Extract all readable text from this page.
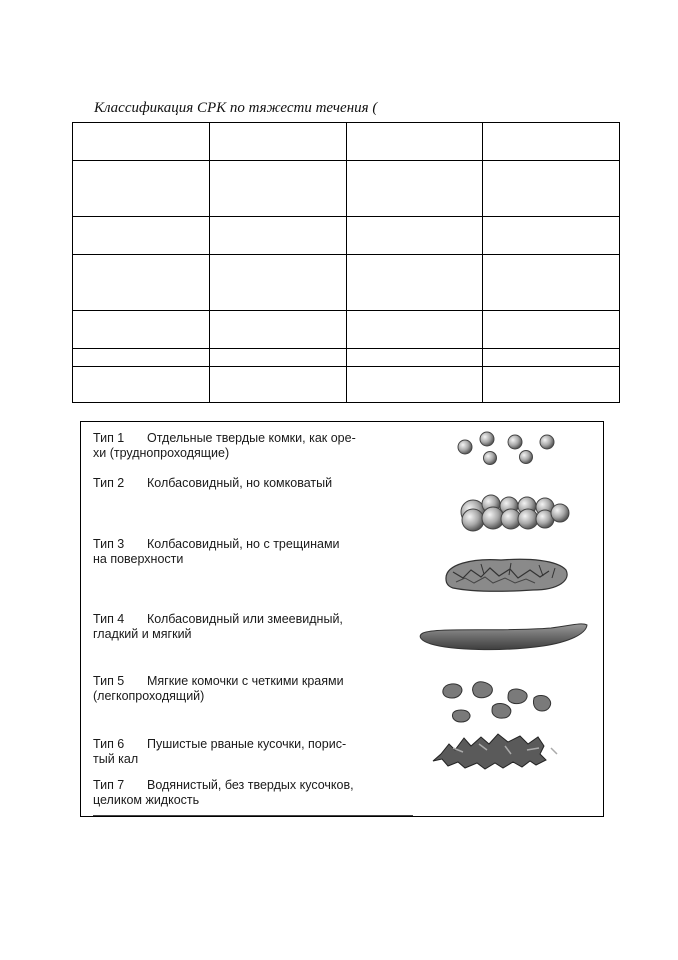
Классификация СРК по тяжести течения (

Тип 1 Отдельные твердые комки, как оре-
хи (труднопроходящие)
Тип 2 Колбасовидный, но комковатый
Тип 3 Колбасовидный, но с трещинами
на поверхности
Тип 4 Колбасовидный или змеевидный,
гладкий и мягкий
Тип 5 Мягкие комочки с четкими краями
(легкопроходящий)
Тип 6 Пушистые рваные кусочки, порис-
тый кал
Тип 7 Водянистый, без твердых кусочков,
целиком жидкость
